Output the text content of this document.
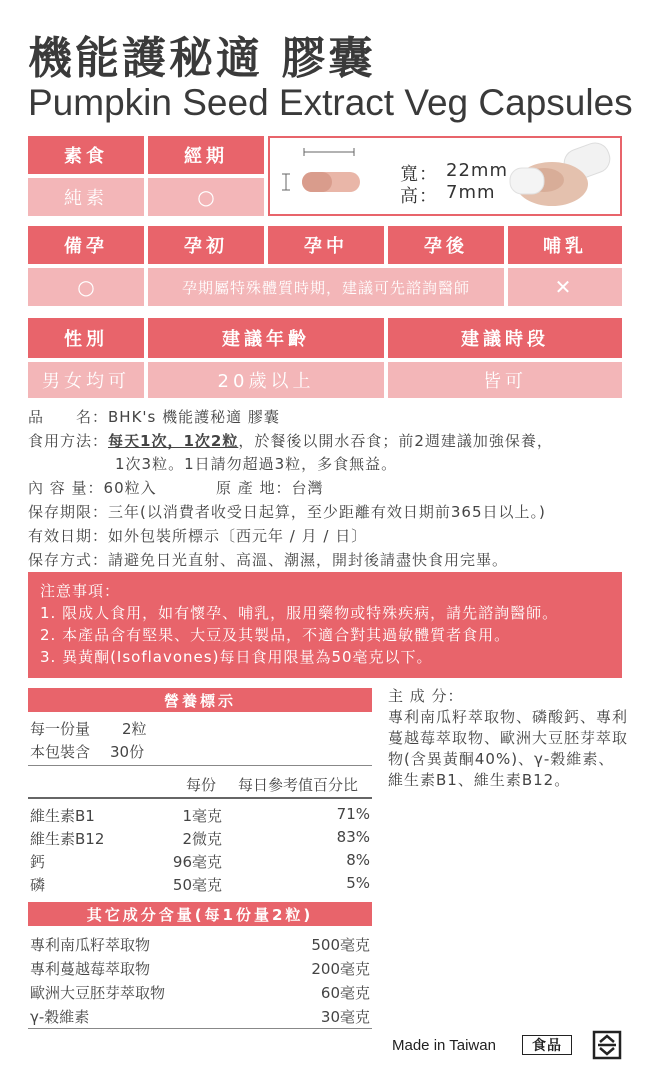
機能護秘適 膠囊
Pumpkin Seed Extract Veg Capsules
素食	經期
純素	○
寬： 22mm
高： 7mm
備孕	孕初	孕中	孕後	哺乳
○	孕期屬特殊體質時期，建議可先諮詢醫師	✕
性別	建議年齡	建議時段
男女均可	20歲以上	皆可
品　　名：BHK's 機能護秘適 膠囊
食用方法：每天1次，1次2粒，於餐後以開水吞食；前2週建議加強保養，
1次3粒。1日請勿超過3粒，多食無益。
內 容 量：60粒入	原 產 地：台灣
保存期限：三年(以消費者收受日起算，至少距離有效日期前365日以上。)
有效日期：如外包裝所標示〔西元年 / 月 / 日〕
保存方式：請避免日光直射、高溫、潮濕，開封後請盡快食用完畢。
注意事項：
1. 限成人食用，如有懷孕、哺乳，服用藥物或特殊疾病，請先諮詢醫師。
2. 本產品含有堅果、大豆及其製品，不適合對其過敏體質者食用。
3. 異黃酮(Isoflavones)每日食用限量為50毫克以下。
營養標示
每一份量 2粒
本包裝含 30份
每份 每日參考值百分比
維生素B1	1毫克	71%
維生素B12	2微克	83%
鈣	96毫克	8%
磷	50毫克	5%
其它成分含量(每1份量2粒)
專利南瓜籽萃取物	500毫克
專利蔓越莓萃取物	200毫克
歐洲大豆胚芽萃取物	60毫克
γ-穀維素	30毫克
主 成 分：
專利南瓜籽萃取物、磷酸鈣、專利蔓越莓萃取物、歐洲大豆胚芽萃取物(含異黃酮40%)、γ-穀維素、維生素B1、維生素B12。
Made in Taiwan	食品
